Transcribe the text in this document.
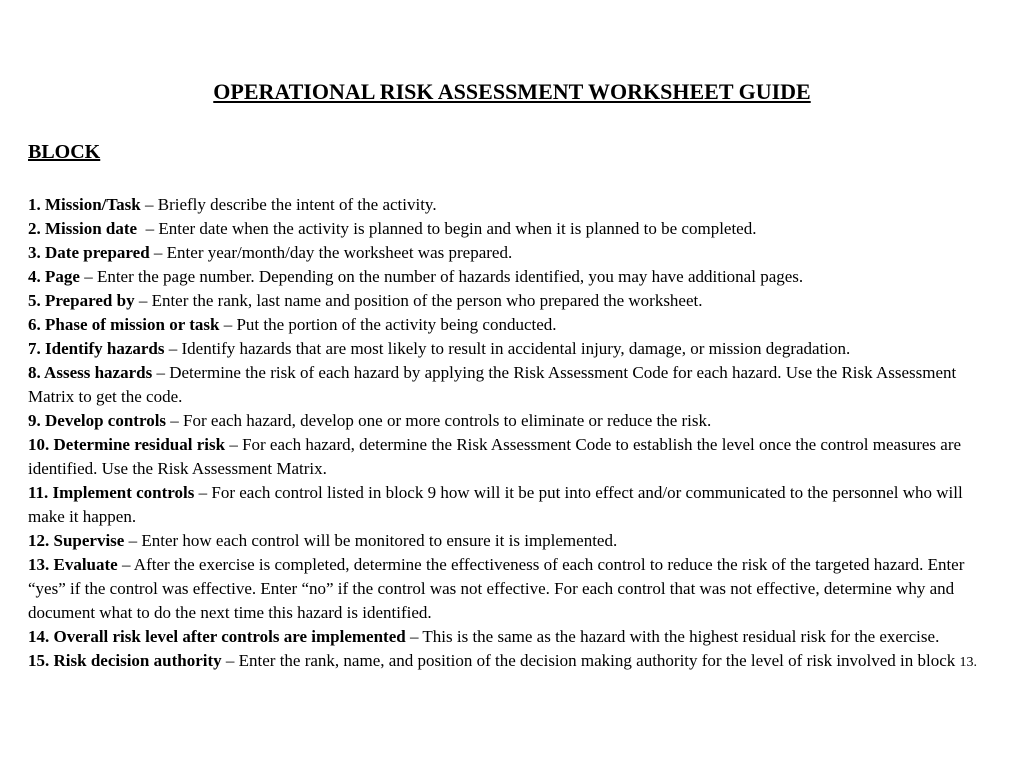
OPERATIONAL RISK ASSESSMENT WORKSHEET GUIDE
BLOCK
1. Mission/Task – Briefly describe the intent of the activity.
2. Mission date  – Enter date when the activity is planned to begin and when it is planned to be completed.
3. Date prepared – Enter year/month/day the worksheet was prepared.
4. Page – Enter the page number. Depending on the number of hazards identified, you may have additional pages.
5. Prepared by – Enter the rank, last name and position of the person who prepared the worksheet.
6. Phase of mission or task – Put the portion of the activity being conducted.
7. Identify hazards – Identify hazards that are most likely to result in accidental injury, damage, or mission degradation.
8. Assess hazards – Determine the risk of each hazard by applying the Risk Assessment Code for each hazard. Use the Risk Assessment Matrix to get the code.
9. Develop controls – For each hazard, develop one or more controls to eliminate or reduce the risk.
10. Determine residual risk – For each hazard, determine the Risk Assessment Code to establish the level once the control measures are identified. Use the Risk Assessment Matrix.
11. Implement controls – For each control listed in block 9 how will it be put into effect and/or communicated to the personnel who will make it happen.
12. Supervise – Enter how each control will be monitored to ensure it is implemented.
13. Evaluate – After the exercise is completed, determine the effectiveness of each control to reduce the risk of the targeted hazard. Enter “yes” if the control was effective. Enter “no” if the control was not effective. For each control that was not effective, determine why and document what to do the next time this hazard is identified.
14. Overall risk level after controls are implemented – This is the same as the hazard with the highest residual risk for the exercise.
15. Risk decision authority – Enter the rank, name, and position of the decision making authority for the level of risk involved in block 13.
